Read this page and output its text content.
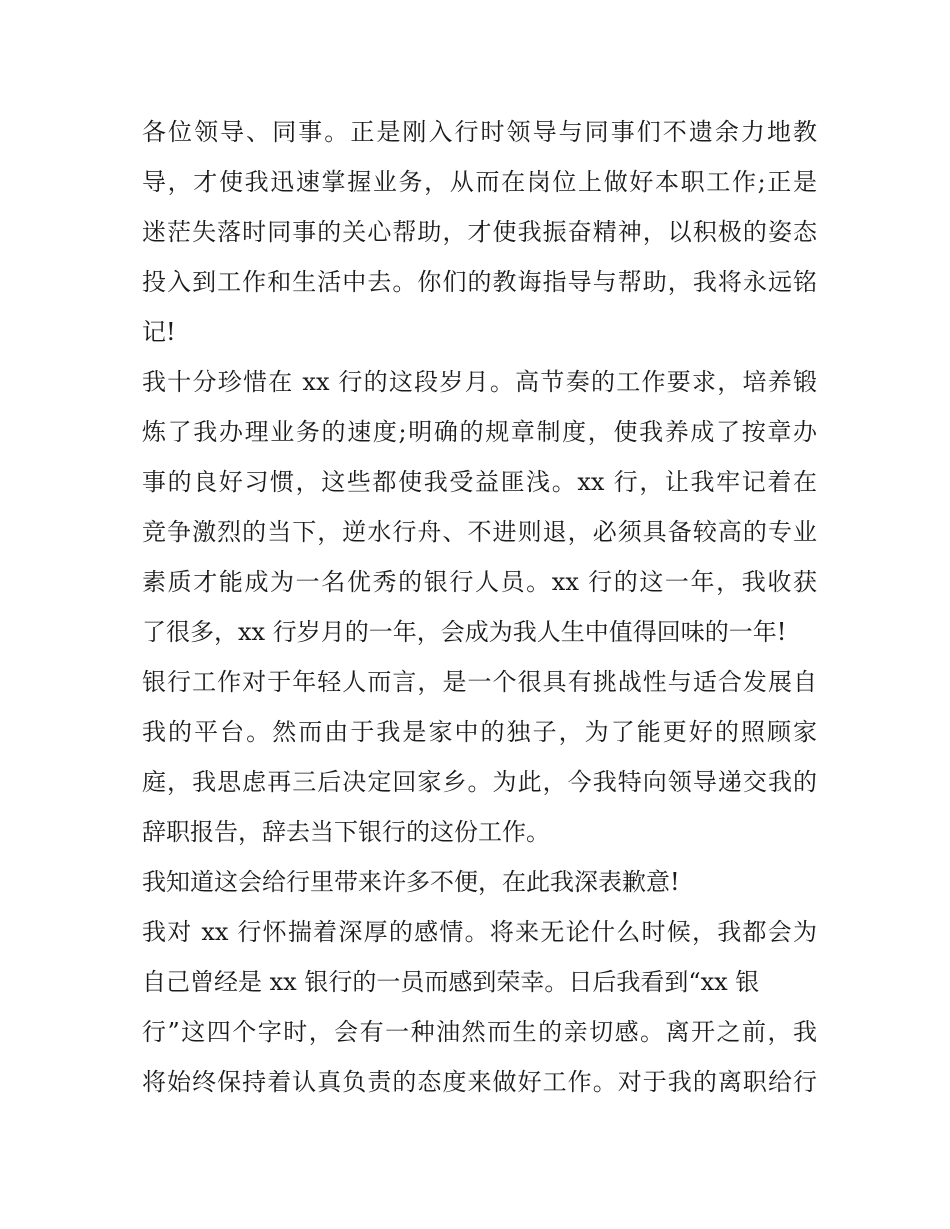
各位领导、同事。正是刚入行时领导与同事们不遗余力地教
导，才使我迅速掌握业务，从而在岗位上做好本职工作;正是
迷茫失落时同事的关心帮助，才使我振奋精神，以积极的姿态
投入到工作和生活中去。你们的教诲指导与帮助，我将永远铭
记!
我十分珍惜在 xx 行的这段岁月。高节奏的工作要求，培养锻
炼了我办理业务的速度;明确的规章制度，使我养成了按章办
事的良好习惯，这些都使我受益匪浅。xx 行，让我牢记着在
竞争激烈的当下，逆水行舟、不进则退，必须具备较高的专业
素质才能成为一名优秀的银行人员。xx 行的这一年，我收获
了很多，xx 行岁月的一年，会成为我人生中值得回味的一年!
银行工作对于年轻人而言，是一个很具有挑战性与适合发展自
我的平台。然而由于我是家中的独子，为了能更好的照顾家
庭，我思虑再三后决定回家乡。为此，今我特向领导递交我的
辞职报告，辞去当下银行的这份工作。
我知道这会给行里带来许多不便，在此我深表歉意!
我对 xx 行怀揣着深厚的感情。将来无论什么时候，我都会为
自己曾经是 xx 银行的一员而感到荣幸。日后我看到“xx 银
行”这四个字时，会有一种油然而生的亲切感。离开之前，我
将始终保持着认真负责的态度来做好工作。对于我的离职给行
